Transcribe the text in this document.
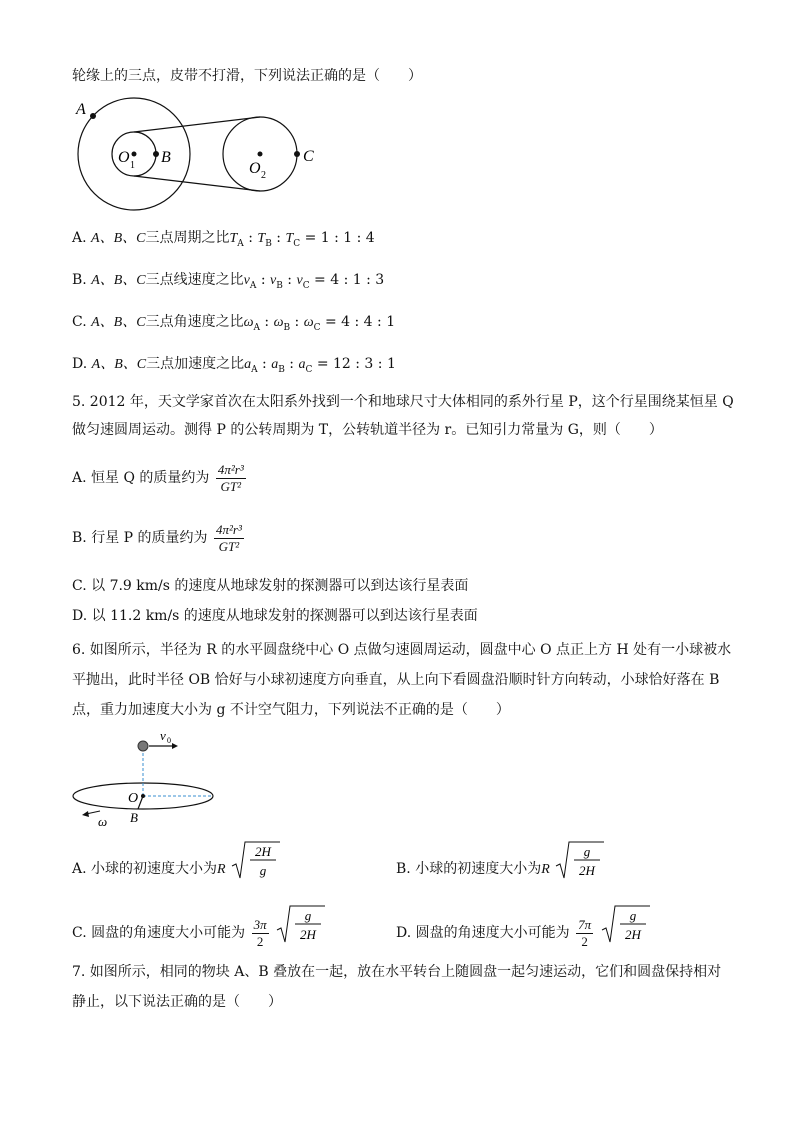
轮缘上的三点，皮带不打滑，下列说法正确的是（　　）
A
O 1 B
O 2
C
A. A、B、C三点周期之比$T_A$ : $T_B$ : $T_C = 1$ : 1 : 4
B. A、B、C三点线速度之比$v_A$ : $v_B$ : $v_C = 4$ : 1 : 3
C. A、B、C三点角速度之比$\omega_A$ : $\omega_B$ : $\omega_C = 4$ : 4 : 1
D. A、B、C三点加速度之比$a_A$ : $a_B$ : $a_C = 12$ : 3 : 1
5. 2012 年，天文学家首次在太阳系外找到一个和地球尺寸大体相同的系外行星 P，这个行星围绕某恒星 Q
做匀速圆周运动。测得 P 的公转周期为 T，公转轨道半径为 r。已知引力常量为 G，则（　　）
A. 恒星 Q 的质量约为 $\frac{\text{4π²r³}}{\text{GT²}}$
B. 行星 P 的质量约为 $\frac{\text{4π²r³}}{\text{GT²}}$
C. 以 7.9 km/s 的速度从地球发射的探测器可以到达该行星表面
D. 以 11.2 km/s 的速度从地球发射的探测器可以到达该行星表面
6. 如图所示，半径为 R 的水平圆盘绕中心 O 点做匀速圆周运动，圆盘中心 O 点正上方 H 处有一小球被水
平抛出，此时半径 OB 恰好与小球初速度方向垂直，从上向下看圆盘沿顺时针方向转动，小球恰好落在 B
点，重力加速度大小为 g 不计空气阻力，下列说法不正确的是（　　）
v 0
O
B
ω
A. 小球的初速度大小为R
2H
g	B. 小球的初速度大小为R
g
2H
C. 圆盘的角速度大小可能为 $\frac{3\pi}{2}$

g
2H	D. 圆盘的角速度大小可能为 $\frac{7\pi}{2}$

g
2H
7. 如图所示，相同的物块 A、B 叠放在一起，放在水平转台上随圆盘一起匀速运动，它们和圆盘保持相对
静止，以下说法正确的是（　　）
